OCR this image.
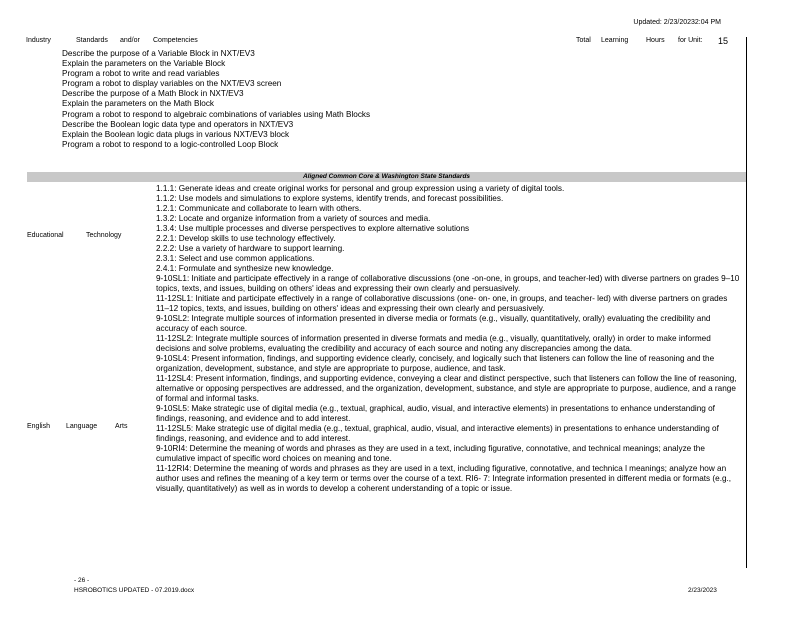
Updated: 2/23/20232:04 PM
Industry	Standards and/or Competencies	Total Learning	Hours for Unit: 15
Describe the purpose of a Variable Block in NXT/EV3
Explain the parameters on the Variable Block
Program a robot to write and read variables
Program a robot to display variables on the NXT/EV3 screen
Describe the purpose of a Math Block in NXT/EV3
Explain the parameters on the Math Block
Program a robot to respond to algebraic combinations of variables using Math Blocks
Describe the Boolean logic data type and operators in NXT/EV3
Explain the Boolean logic data plugs in various NXT/EV3 block
Program a robot to respond to a logic-controlled Loop Block
Aligned Common Core & Washington State Standards
Educational	Technology
1.1.1: Generate ideas and create original works for personal and group expression using a variety of digital tools.
1.1.2: Use models and simulations to explore systems, identify trends, and forecast possibilities.
1.2.1: Communicate and collaborate to learn with others.
1.3.2: Locate and organize information from a variety of sources and media.
1.3.4: Use multiple processes and diverse perspectives to explore alternative solutions
2.2.1: Develop skills to use technology effectively.
2.2.2: Use a variety of hardware to support learning.
2.3.1: Select and use common applications.
2.4.1: Formulate and synthesize new knowledge.
English Language	Arts
9-10SL1: Initiate and participate effectively in a range of collaborative discussions (one -on-one, in groups, and teacher-led) with diverse partners on grades 9–10 topics, texts, and issues, building on others' ideas and expressing their own clearly and persuasively.
11-12SL1: Initiate and participate effectively in a range of collaborative discussions (one- on- one, in groups, and teacher- led) with diverse partners on grades 11–12 topics, texts, and issues, building on others' ideas and expressing their own clearly and persuasively.
9-10SL2: Integrate multiple sources of information presented in diverse media or formats (e.g., visually, quantitatively, orally) evaluating the credibility and accuracy of each source.
11-12SL2: Integrate multiple sources of information presented in diverse formats and media (e.g., visually, quantitatively, orally) in order to make informed decisions and solve problems, evaluating the credibility and accuracy of each source and noting any discrepancies among the data.
9-10SL4: Present information, findings, and supporting evidence clearly, concisely, and logically such that listeners can follow the line of reasoning and the organization, development, substance, and style are appropriate to purpose, audience, and task.
11-12SL4: Present information, findings, and supporting evidence, conveying a clear and distinct perspective, such that listeners can follow the line of reasoning, alternative or opposing perspectives are addressed, and the organization, development, substance, and style are appropriate to purpose, audience, and a range of formal and informal tasks.
9-10SL5: Make strategic use of digital media (e.g., textual, graphical, audio, visual, and interactive elements) in presentations to enhance understanding of findings, reasoning, and evidence and to add interest.
11-12SL5: Make strategic use of digital media (e.g., textual, graphical, audio, visual, and interactive elements) in presentations to enhance understanding of findings, reasoning, and evidence and to add interest.
9-10RI4: Determine the meaning of words and phrases as they are used in a text, including figurative, connotative, and technical meanings; analyze the cumulative impact of specific word choices on meaning and tone.
11-12RI4: Determine the meaning of words and phrases as they are used in a text, including figurative, connotative, and technica l meanings; analyze how an author uses and refines the meaning of a key term or terms over the course of a text. RI6- 7: Integrate information presented in different media or formats (e.g., visually, quantitatively) as well as in words to develop a coherent understanding of a topic or issue.
- 26 -
HSROBOTICS UPDATED - 07.2019.docx	2/23/2023
